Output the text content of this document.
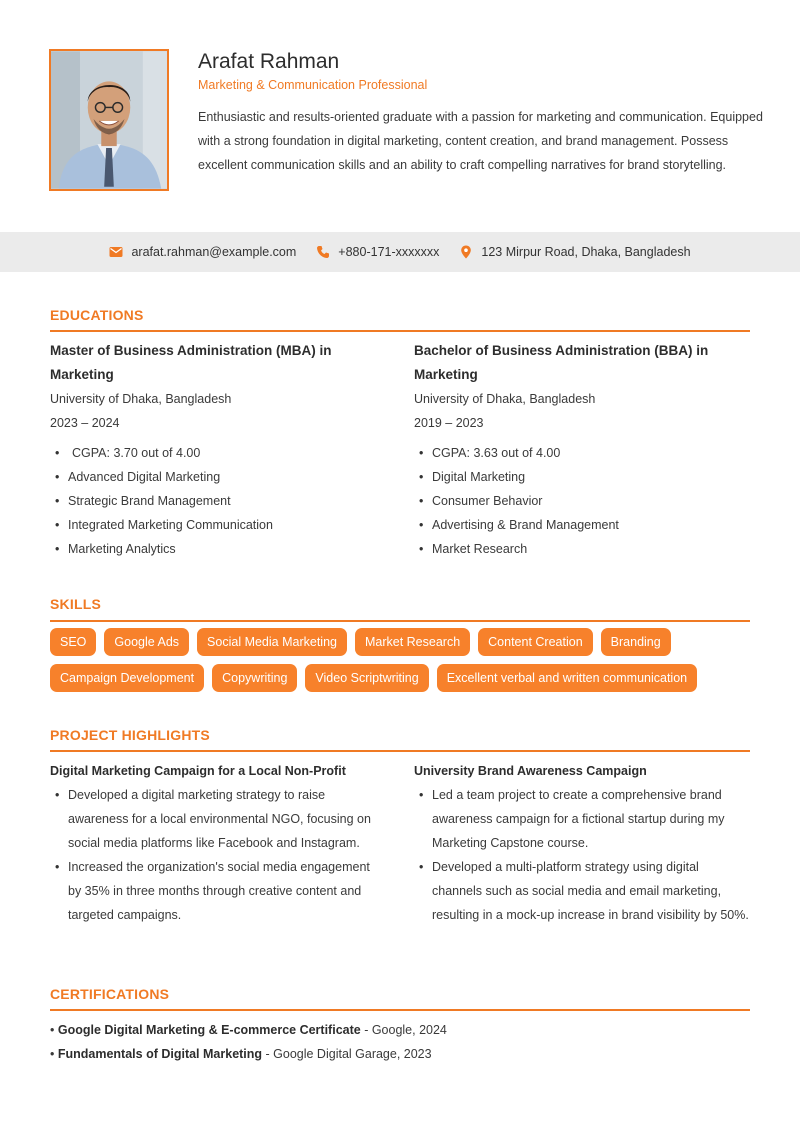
Arafat Rahman
Marketing & Communication Professional
Enthusiastic and results-oriented graduate with a passion for marketing and communication. Equipped with a strong foundation in digital marketing, content creation, and brand management. Possess excellent communication skills and an ability to craft compelling narratives for brand storytelling.
arafat.rahman@example.com	+880-171-xxxxxxx	123 Mirpur Road, Dhaka, Bangladesh
EDUCATIONS
Master of Business Administration (MBA) in Marketing
University of Dhaka, Bangladesh
2023 – 2024
• CGPA: 3.70 out of 4.00
• Advanced Digital Marketing
• Strategic Brand Management
• Integrated Marketing Communication
• Marketing Analytics
Bachelor of Business Administration (BBA) in Marketing
University of Dhaka, Bangladesh
2019 – 2023
• CGPA: 3.63 out of 4.00
• Digital Marketing
• Consumer Behavior
• Advertising & Brand Management
• Market Research
SKILLS
SEO	Google Ads	Social Media Marketing	Market Research	Content Creation	Branding
Campaign Development	Copywriting	Video Scriptwriting	Excellent verbal and written communication
PROJECT HIGHLIGHTS
Digital Marketing Campaign for a Local Non-Profit
• Developed a digital marketing strategy to raise awareness for a local environmental NGO, focusing on social media platforms like Facebook and Instagram.
• Increased the organization's social media engagement by 35% in three months through creative content and targeted campaigns.
University Brand Awareness Campaign
• Led a team project to create a comprehensive brand awareness campaign for a fictional startup during my Marketing Capstone course.
• Developed a multi-platform strategy using digital channels such as social media and email marketing, resulting in a mock-up increase in brand visibility by 50%.
CERTIFICATIONS
• Google Digital Marketing & E-commerce Certificate - Google, 2024
• Fundamentals of Digital Marketing - Google Digital Garage, 2023
